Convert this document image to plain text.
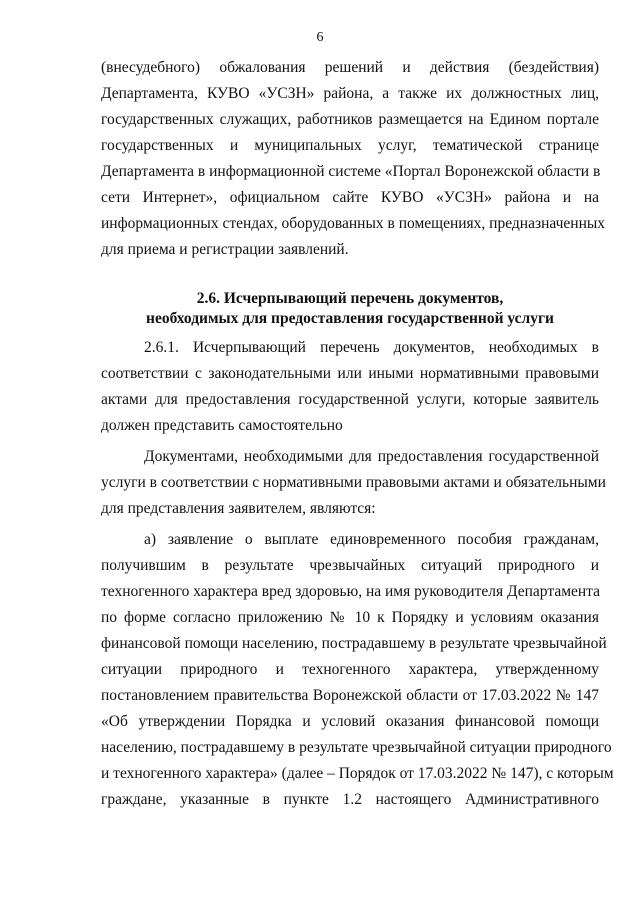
6
(внесудебного) обжалования решений и действия (бездействия)
Департамента, КУВО «УСЗН» района, а также их должностных лиц,
государственных служащих, работников размещается на Едином портале
государственных и муниципальных услуг, тематической странице
Департамента в информационной системе «Портал Воронежской области в
сети Интернет», официальном сайте КУВО «УСЗН» района и на
информационных стендах, оборудованных в помещениях, предназначенных
для приема и регистрации заявлений.
2.6. Исчерпывающий перечень документов,
необходимых для предоставления государственной услуги
2.6.1. Исчерпывающий перечень документов, необходимых в
соответствии с законодательными или иными нормативными правовыми
актами для предоставления государственной услуги, которые заявитель
должен представить самостоятельно
Документами, необходимыми для предоставления государственной
услуги в соответствии с нормативными правовыми актами и обязательными
для представления заявителем, являются:
а) заявление о выплате единовременного пособия гражданам,
получившим в результате чрезвычайных ситуаций природного и
техногенного характера вред здоровью, на имя руководителя Департамента
по форме согласно приложению № 10 к Порядку и условиям оказания
финансовой помощи населению, пострадавшему в результате чрезвычайной
ситуации природного и техногенного характера, утвержденному
постановлением правительства Воронежской области от 17.03.2022 № 147
«Об утверждении Порядка и условий оказания финансовой помощи
населению, пострадавшему в результате чрезвычайной ситуации природного
и техногенного характера» (далее – Порядок от 17.03.2022 № 147), с которым
граждане, указанные в пункте 1.2 настоящего Административного
